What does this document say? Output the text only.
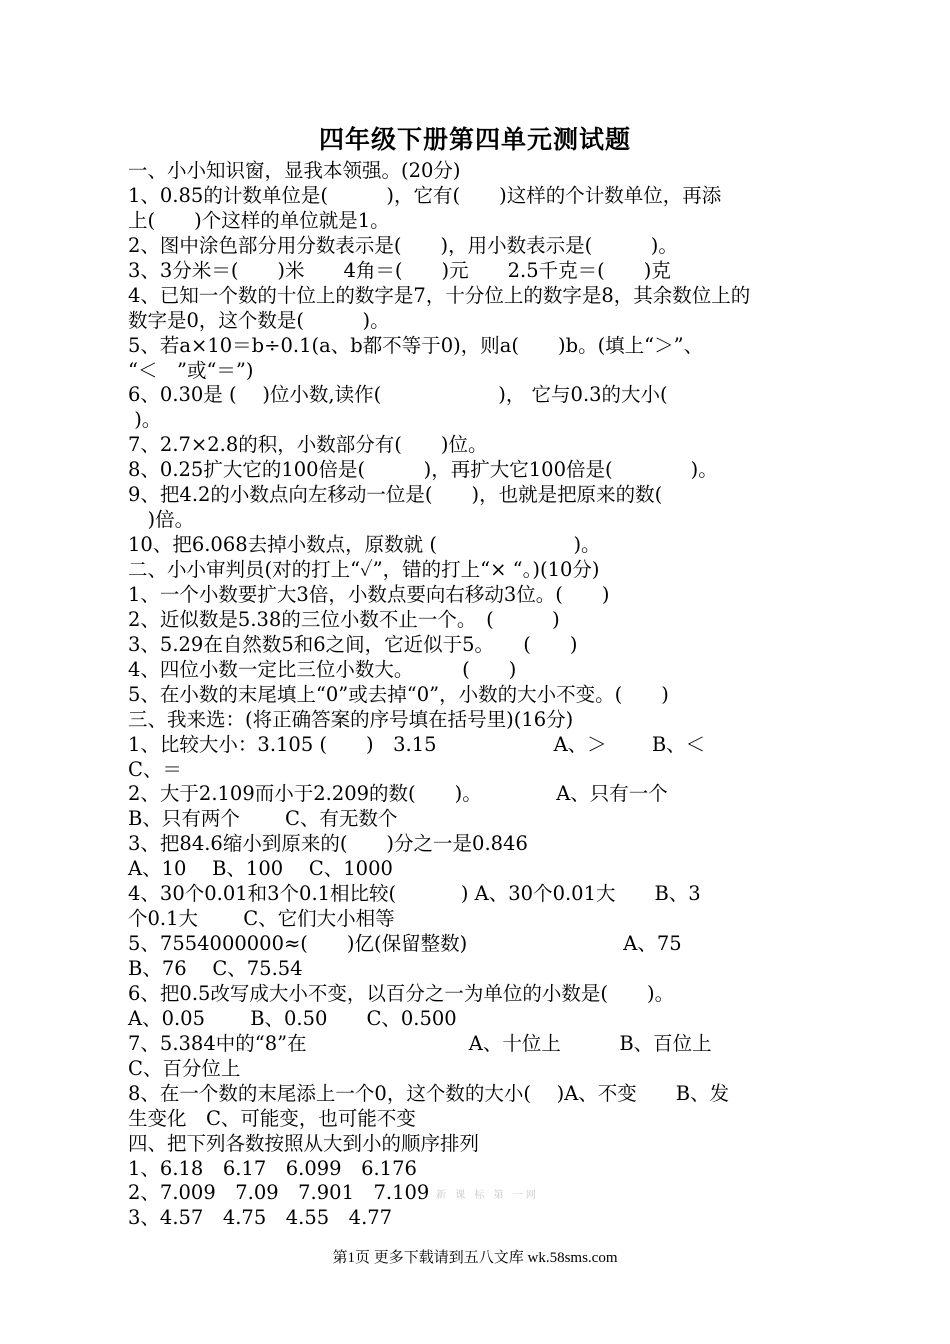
四年级下册第四单元测试题
一、小小知识窗，显我本领强。(20分)
1、0.85的计数单位是(　　　)，它有(　　)这样的个计数单位，再添
上(　　)个这样的单位就是1。
2、图中涂色部分用分数表示是(　　)，用小数表示是(　　　)。
3、3分米＝(　　)米　　4角＝(　　)元　　2.5千克＝(　　)克
4、已知一个数的十位上的数字是7，十分位上的数字是8，其余数位上的
数字是0，这个数是(　　　)。
5、若a×10＝b÷0.1(a、b都不等于0)，则a(　　)b。(填上“＞”、
“＜　”或“＝”)
6、0.30是 (　 )位小数,读作(　　　　　　)， 它与0.3的大小(
)。
7、2.7×2.8的积，小数部分有(　　)位。
8、0.25扩大它的100倍是(　　　)，再扩大它100倍是(　　　　)。
9、把4.2的小数点向左移动一位是(　　)，也就是把原来的数(
　)倍。
10、把6.068去掉小数点，原数就 (　　　　　　　)。
二、小小审判员(对的打上“✓”，错的打上“× “。)(10分)
1、一个小数要扩大3倍，小数点要向右移动3位。(　　)
2、近似数是5.38的三位小数不止一个。　(　　　)
3、5.29在自然数5和6之间，它近似于5。　　(　　)
4、四位小数一定比三位小数大。　　　(　　)
5、在小数的末尾填上“0”或去掉“0”，小数的大小不变。(　　)
三、我来选：(将正确答案的序号填在括号里)(16分)
1、比较大小：3.105 (　　)　3.15　　　　　　A、＞　　 B、＜
C、＝
2、大于2.109而小于2.209的数(　　)。　　　　 A、只有一个
B、只有两个　　 C、有无数个
3、把84.6缩小到原来的(　　)分之一是0.846
A、10　 B、100　 C、1000
4、30个0.01和3个0.1相比较(　　　 ) A、30个0.01大　　B、3
个0.1大　　 C、它们大小相等
5、7554000000≈(　　)亿(保留整数)　　　　　　　　A、75
B、76　 C、75.54
6、把0.5改写成大小不变，以百分之一为单位的小数是(　　)。
A、0.05　　 B、0.50　　C、0.500
7、5.384中的“8”在　　　　　　　　 A、十位上　　　B、百位上
C、百分位上
8、在一个数的末尾添上一个0，这个数的大小(　 )A、不变　　B、发
生变化　C、可能变，也可能不变
四、把下列各数按照从大到小的顺序排列
1、6.18　6.17　6.099　6.176
2、7.009　7.09　7.901　7.109
3、4.57　4.75　4.55　4.77
新 课 标 第 一网
第1页 更多下载请到五八文库 wk.58sms.com
